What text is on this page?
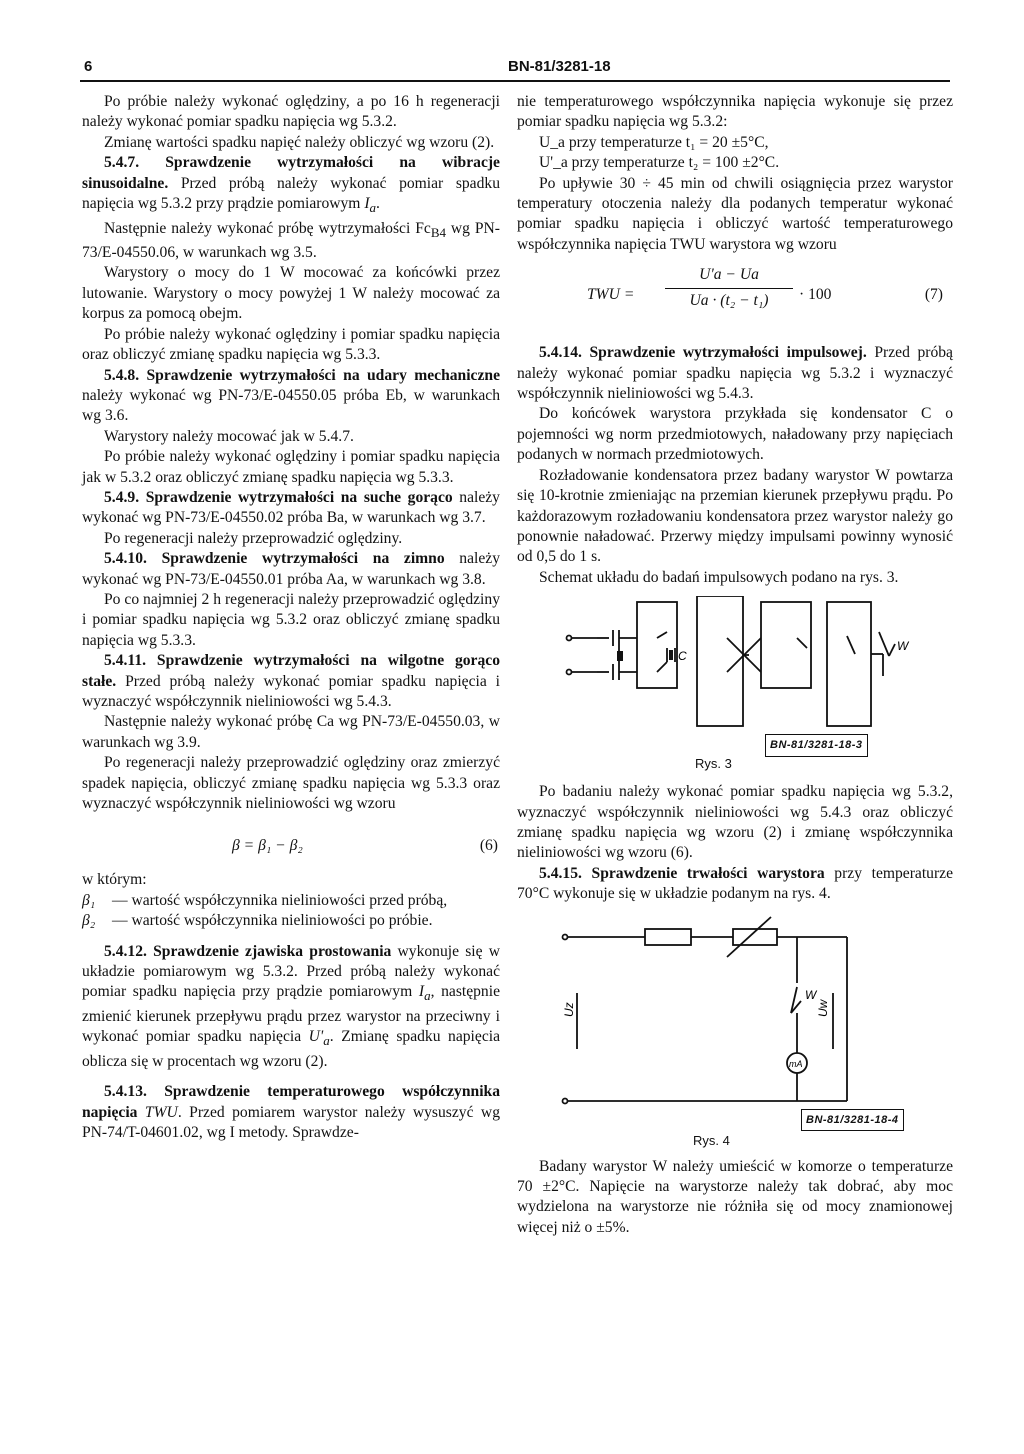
6	BN-81/3281-18

Po próbie należy wykonać oględziny, a po 16 h regeneracji należy wykonać pomiar spadku napięcia wg 5.3.2.

Zmianę wartości spadku napięć należy obliczyć wg wzoru (2).

5.4.7. Sprawdzenie wytrzymałości na wibracje sinusoidalne. Przed próbą należy wykonać pomiar spadku napięcia wg 5.3.2 przy prądzie pomiarowym $I_a$.

Następnie należy wykonać próbę wytrzymałości $Fc_{B4}$ wg PN-73/E-04550.06, w warunkach wg 3.5.

Warystory o mocy do 1 W mocować za końcówki przez lutowanie. Warystory o mocy powyżej 1 W należy mocować za korpus za pomocą obejm.

Po próbie należy wykonać oględziny i pomiar spadku napięcia oraz obliczyć zmianę spadku napięcia wg 5.3.3.

5.4.8. Sprawdzenie wytrzymałości na udary mechaniczne należy wykonać wg PN-73/E-04550.05 próba Eb, w warunkach wg 3.6.

Warystory należy mocować jak w 5.4.7.

Po próbie należy wykonać oględziny i pomiar spadku napięcia jak w 5.3.2 oraz obliczyć zmianę spadku napięcia wg 5.3.3.

5.4.9. Sprawdzenie wytrzymałości na suche gorąco należy wykonać wg PN-73/E-04550.02 próba Ba, w warunkach wg 3.7.

Po regeneracji należy przeprowadzić oględziny.

5.4.10. Sprawdzenie wytrzymałości na zimno należy wykonać wg PN-73/E-04550.01 próba Aa, w warunkach wg 3.8.

Po co najmniej 2 h regeneracji należy przeprowadzić oględziny i pomiar spadku napięcia wg 5.3.2 oraz obliczyć zmianę spadku napięcia wg 5.3.3.

5.4.11. Sprawdzenie wytrzymałości na wilgotne gorąco stałe. Przed próbą należy wykonać pomiar spadku napięcia i wyznaczyć współczynnik nieliniowości wg 5.4.3.

Następnie należy wykonać próbę Ca wg PN-73/E-04550.03, w warunkach wg 3.9.

Po regeneracji należy przeprowadzić oględziny oraz zmierzyć spadek napięcia, obliczyć zmianę spadku napięcia wg 5.3.3 oraz wyznaczyć współczynnik nieliniowości wg wzoru

β = β₁ − β₂	(6)

w którym:

β₁	— wartość współczynnika nieliniowości przed próbą,
β₂	— wartość współczynnika nieliniowości po próbie.

5.4.12. Sprawdzenie zjawiska prostowania wykonuje się w układzie pomiarowym wg 5.3.2. Przed próbą należy wykonać pomiar spadku napięcia przy prądzie pomiarowym $I_a$, następnie zmienić kierunek przepływu prądu przez warystor na przeciwny i wykonać pomiar spadku napięcia $U'_a$. Zmianę spadku napięcia oblicza się w procentach wg wzoru (2).

5.4.13. Sprawdzenie temperaturowego współczynnika napięcia TWU. Przed pomiarem warystor należy wysuszyć wg PN-74/T-04601.02, wg I metody. Sprawdze-

nie temperaturowego współczynnika napięcia wykonuje się przez pomiar spadku napięcia wg 5.3.2:

U_a przy temperaturze t₁ = 20 ±5°C,

U'_a przy temperaturze t₂ = 100 ±2°C.

Po upływie 30 ÷ 45 min od chwili osiągnięcia przez warystor temperatury otoczenia należy dla podanych temperatur wykonać pomiar spadku napięcia i obliczyć wartość temperaturowego współczynnika napięcia TWU warystora wg wzoru

TWU = $\frac{U'a - Ua}{\text{Ua · (t₂ − t₁)}} \cdot 100$	(7)

5.4.14. Sprawdzenie wytrzymałości impulsowej. Przed próbą należy wykonać pomiar spadku napięcia wg 5.3.2 i wyznaczyć współczynnik nieliniowości wg 5.4.3.

Do końcówek warystora przykłada się kondensator C o pojemności wg norm przedmiotowych, naładowany przy napięciach podanych w normach przedmiotowych.

Rozładowanie kondensatora przez badany warystor W powtarza się 10-krotnie zmieniając na przemian kierunek przepływu prądu. Po każdorazowym rozładowaniu kondensatora przez warystor należy go ponownie naładować. Przerwy między impulsami powinny wynosić od 0,5 do 1 s.

Schemat układu do badań impulsowych podano na rys. 3.

C
W
BN-81/3281-18-3
Rys. 3

Po badaniu należy wykonać pomiar spadku napięcia wg 5.3.2, wyznaczyć współczynnik nieliniowości wg 5.4.3 oraz obliczyć zmianę spadku napięcia wg wzoru (2) i zmianę współczynnika nieliniowości wg wzoru (6).

5.4.15. Sprawdzenie trwałości warystora przy temperaturze 70°C wykonuje się w układzie podanym na rys. 4.

Uz	Uw
W
mA
BN-81/3281-18-4
Rys. 4

Badany warystor W należy umieścić w komorze o temperaturze 70 ±2°C. Napięcie na warystorze należy tak dobrać, aby moc wydzielona na warystorze nie różniła się od mocy znamionowej więcej niż o ±5%.
